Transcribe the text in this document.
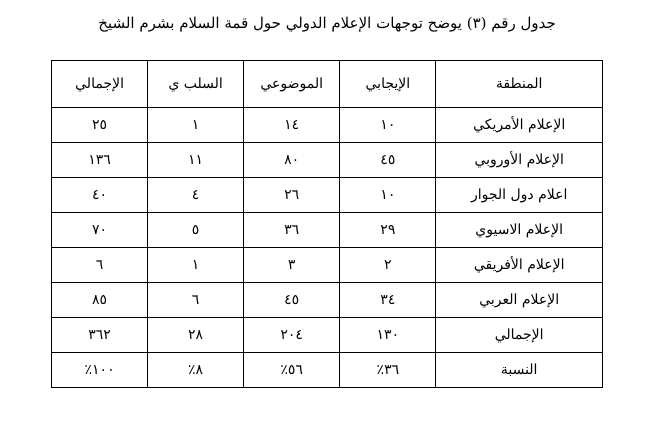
جدول رقم (٣) يوضح توجهات الإعلام الدولي حول قمة السلام بشرم الشيخ
المنطقة	الإيجابي	الموضوعي	السلب ي	الإجمالي
الإعلام الأمريكي	١٠	١٤	١	٢٥
الإعلام الأوروبي	٤٥	٨٠	١١	١٣٦
اعلام دول الجوار	١٠	٢٦	٤	٤٠
الإعلام الاسيوي	٢٩	٣٦	٥	٧٠
الإعلام الأفريقي	٢	٣	١	٦
الإعلام العربي	٣٤	٤٥	٦	٨٥
الإجمالي	١٣٠	٢٠٤	٢٨	٣٦٢
النسبة	٣٦٪	٥٦٪	٨٪	١٠٠٪
